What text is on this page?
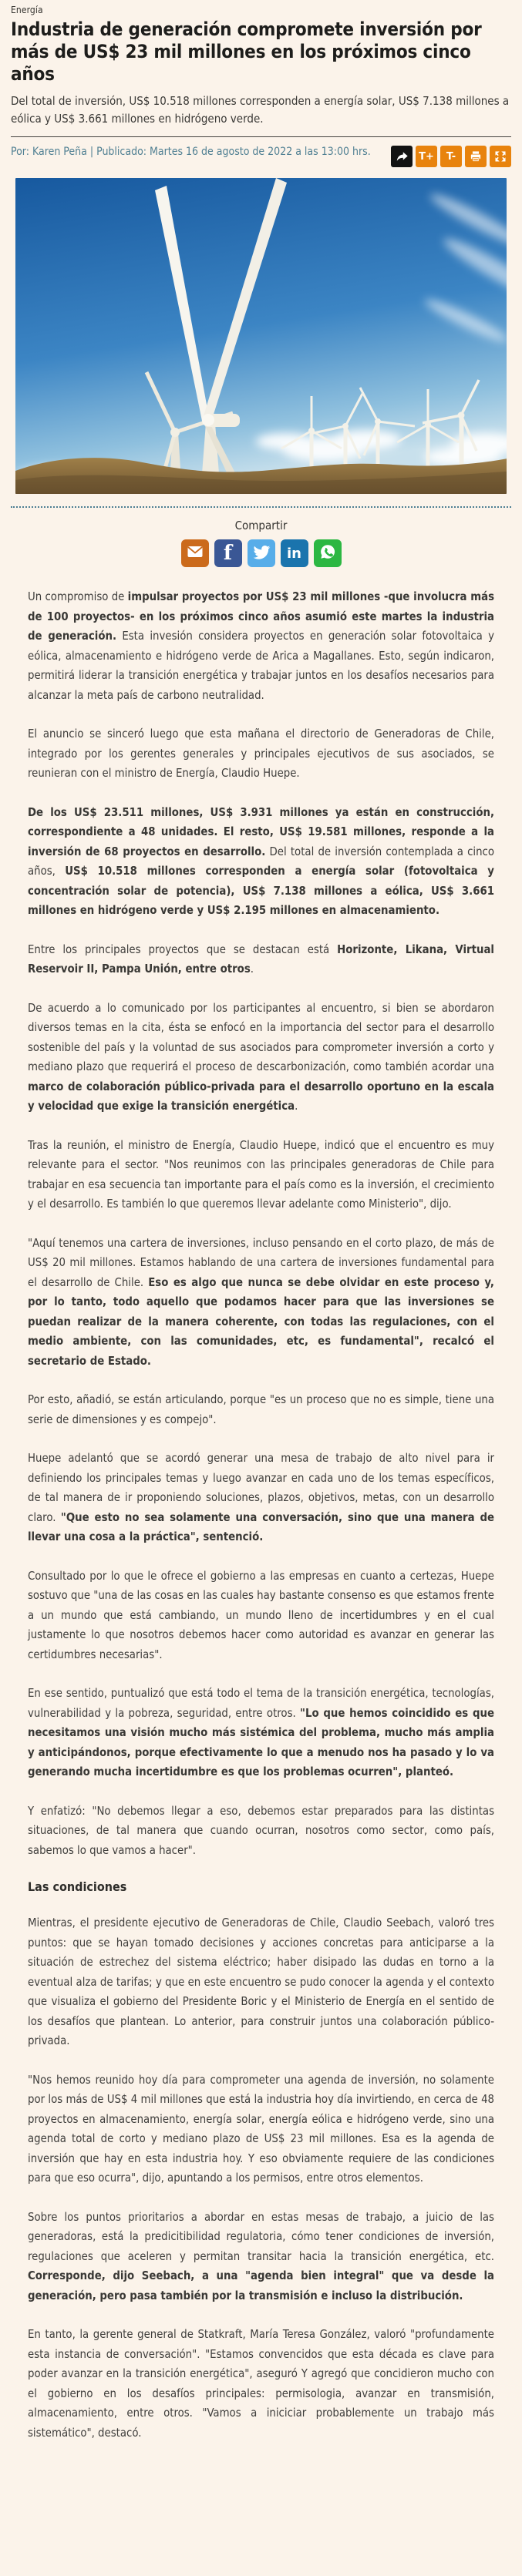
Energía
Industria de generación compromete inversión por más de US$ 23 mil millones en los próximos cinco años

Del total de inversión, US$ 10.518 millones corresponden a energía solar, US$ 7.138 millones a eólica y US$ 3.661 millones en hidrógeno verde.

Por: Karen Peña | Publicado: Martes 16 de agosto de 2022 a las 13:00 hrs.	T+	T-
Compartir
f	in

Un compromiso de impulsar proyectos por US$ 23 mil millones -que involucra más de 100 proyectos- en los próximos cinco años asumió este martes la industria de generación. Esta invesión considera proyectos en generación solar fotovoltaica y eólica, almacenamiento e hidrógeno verde de Arica a Magallanes. Esto, según indicaron, permitirá liderar la transición energética y trabajar juntos en los desafíos necesarios para alcanzar la meta país de carbono neutralidad.

El anuncio se sinceró luego que esta mañana el directorio de Generadoras de Chile, integrado por los gerentes generales y principales ejecutivos de sus asociados, se reunieran con el ministro de Energía, Claudio Huepe.

De los US$ 23.511 millones, US$ 3.931 millones ya están en construcción, correspondiente a 48 unidades. El resto, US$ 19.581 millones, responde a la inversión de 68 proyectos en desarrollo. Del total de inversión contemplada a cinco años, US$ 10.518 millones corresponden a energía solar (fotovoltaica y concentración solar de potencia), US$ 7.138 millones a eólica, US$ 3.661 millones en hidrógeno verde y US$ 2.195 millones en almacenamiento.

Entre los principales proyectos que se destacan está Horizonte, Likana, Virtual Reservoir II, Pampa Unión, entre otros.

De acuerdo a lo comunicado por los participantes al encuentro, si bien se abordaron diversos temas en la cita, ésta se enfocó en la importancia del sector para el desarrollo sostenible del país y la voluntad de sus asociados para comprometer inversión a corto y mediano plazo que requerirá el proceso de descarbonización, como también acordar una marco de colaboración público-privada para el desarrollo oportuno en la escala y velocidad que exige la transición energética.

Tras la reunión, el ministro de Energía, Claudio Huepe, indicó que el encuentro es muy relevante para el sector. "Nos reunimos con las principales generadoras de Chile para trabajar en esa secuencia tan importante para el país como es la inversión, el crecimiento y el desarrollo. Es también lo que queremos llevar adelante como Ministerio", dijo.

"Aquí tenemos una cartera de inversiones, incluso pensando en el corto plazo, de más de US$ 20 mil millones. Estamos hablando de una cartera de inversiones fundamental para el desarrollo de Chile. Eso es algo que nunca se debe olvidar en este proceso y, por lo tanto, todo aquello que podamos hacer para que las inversiones se puedan realizar de la manera coherente, con todas las regulaciones, con el medio ambiente, con las comunidades, etc, es fundamental", recalcó el secretario de Estado.

Por esto, añadió, se están articulando, porque "es un proceso que no es simple, tiene una serie de dimensiones y es compejo".

Huepe adelantó que se acordó generar una mesa de trabajo de alto nivel para ir definiendo los principales temas y luego avanzar en cada uno de los temas específicos, de tal manera de ir proponiendo soluciones, plazos, objetivos, metas, con un desarrollo claro. "Que esto no sea solamente una conversación, sino que una manera de llevar una cosa a la práctica", sentenció.

Consultado por lo que le ofrece el gobierno a las empresas en cuanto a certezas, Huepe sostuvo que "una de las cosas en las cuales hay bastante consenso es que estamos frente a un mundo que está cambiando, un mundo lleno de incertidumbres y en el cual justamente lo que nosotros debemos hacer como autoridad es avanzar en generar las certidumbres necesarias".

En ese sentido, puntualizó que está todo el tema de la transición energética, tecnologías, vulnerabilidad y la pobreza, seguridad, entre otros. "Lo que hemos coincidido es que necesitamos una visión mucho más sistémica del problema, mucho más amplia y anticipándonos, porque efectivamente lo que a menudo nos ha pasado y lo va generando mucha incertidumbre es que los problemas ocurren", planteó.

Y enfatizó: "No debemos llegar a eso, debemos estar preparados para las distintas situaciones, de tal manera que cuando ocurran, nosotros como sector, como país, sabemos lo que vamos a hacer".

Las condiciones

Mientras, el presidente ejecutivo de Generadoras de Chile, Claudio Seebach, valoró tres puntos: que se hayan tomado decisiones y acciones concretas para anticiparse a la situación de estrechez del sistema eléctrico; haber disipado las dudas en torno a la eventual alza de tarifas; y que en este encuentro se pudo conocer la agenda y el contexto que visualiza el gobierno del Presidente Boric y el Ministerio de Energía en el sentido de los desafíos que plantean. Lo anterior, para construir juntos una colaboración público-privada.

"Nos hemos reunido hoy día para comprometer una agenda de inversión, no solamente por los más de US$ 4 mil millones que está la industria hoy día invirtiendo, en cerca de 48 proyectos en almacenamiento, energía solar, energía eólica e hidrógeno verde, sino una agenda total de corto y mediano plazo de US$ 23 mil millones. Esa es la agenda de inversión que hay en esta industria hoy. Y eso obviamente requiere de las condiciones para que eso ocurra", dijo, apuntando a los permisos, entre otros elementos.

Sobre los puntos prioritarios a abordar en estas mesas de trabajo, a juicio de las generadoras, está la predicitibilidad regulatoria, cómo tener condiciones de inversión, regulaciones que aceleren y permitan transitar hacia la transición energética, etc. Corresponde, dijo Seebach, a una "agenda bien integral" que va desde la generación, pero pasa también por la transmisión e incluso la distribución.

En tanto, la gerente general de Statkraft, María Teresa González, valoró "profundamente esta instancia de conversación". "Estamos convencidos que esta década es clave para poder avanzar en la transición energética", aseguró Y agregó que concidieron mucho con el gobierno en los desafíos principales: permisologia, avanzar en transmisión, almacenamiento, entre otros. "Vamos a iniciciar probablemente un trabajo más sistemático", destacó.
